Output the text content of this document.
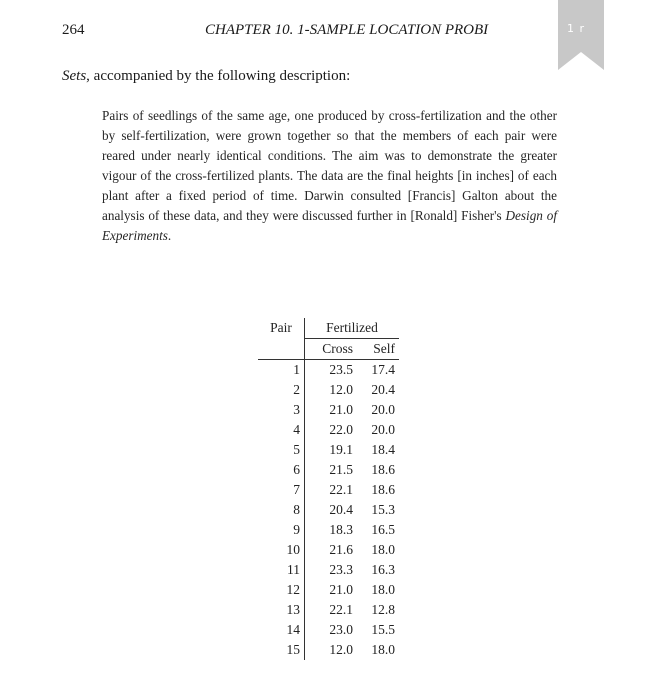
264	CHAPTER 10. 1-SAMPLE LOCATION PROBI	1 r
Sets, accompanied by the following description:
Pairs of seedlings of the same age, one produced by cross-fertilization and the other by self-fertilization, were grown together so that the members of each pair were reared under nearly identical conditions. The aim was to demonstrate the greater vigour of the cross-fertilized plants. The data are the final heights [in inches] of each plant after a fixed period of time. Darwin consulted [Francis] Galton about the analysis of these data, and they were discussed further in [Ronald] Fisher's Design of Experiments.
Pair	Fertilized	
	Cross	Self
1	23.5	17.4
2	12.0	20.4
3	21.0	20.0
4	22.0	20.0
5	19.1	18.4
6	21.5	18.6
7	22.1	18.6
8	20.4	15.3
9	18.3	16.5
10	21.6	18.0
11	23.3	16.3
12	21.0	18.0
13	22.1	12.8
14	23.0	15.5
15	12.0	18.0
